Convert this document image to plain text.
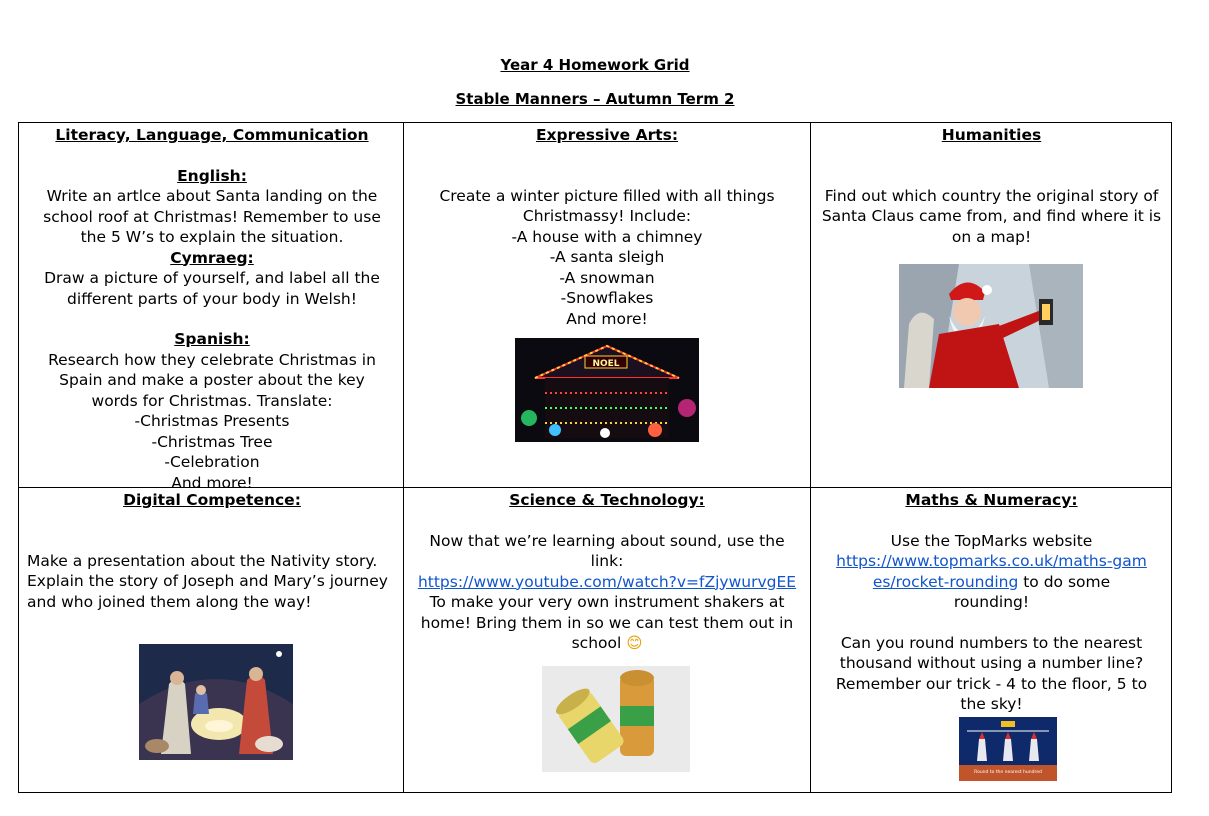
Year 4 Homework Grid
Stable Manners – Autumn Term 2
Literacy, Language, Communication
English:
Write an artlce about Santa landing on the school roof at Christmas! Remember to use the 5 W’s to explain the situation.
Cymraeg:
Draw a picture of yourself, and label all the different parts of your body in Welsh!
Spanish:
Research how they celebrate Christmas in Spain and make a poster about the key words for Christmas. Translate:
-Christmas Presents
-Christmas Tree
-Celebration
And more!
Expressive Arts:
Create a winter picture filled with all things Christmassy! Include:
-A house with a chimney
-A santa sleigh
-A snowman
-Snowflakes
And more!
NOEL
Humanities
Find out which country the original story of Santa Claus came from, and find where it is on a map!
Digital Competence:
Make a presentation about the Nativity story. Explain the story of Joseph and Mary’s journey and who joined them along the way!
Science & Technology:
Now that we’re learning about sound, use the link:
https://www.youtube.com/watch?v=fZjywurvgEE
To make your very own instrument shakers at home! Bring them in so we can test them out in school 😊
Maths & Numeracy:
Use the TopMarks website
https://www.topmarks.co.uk/maths-games/rocket-rounding to do some rounding!
Can you round numbers to the nearest thousand without using a number line? Remember our trick - 4 to the floor, 5 to the sky!
Round to the nearest hundred
